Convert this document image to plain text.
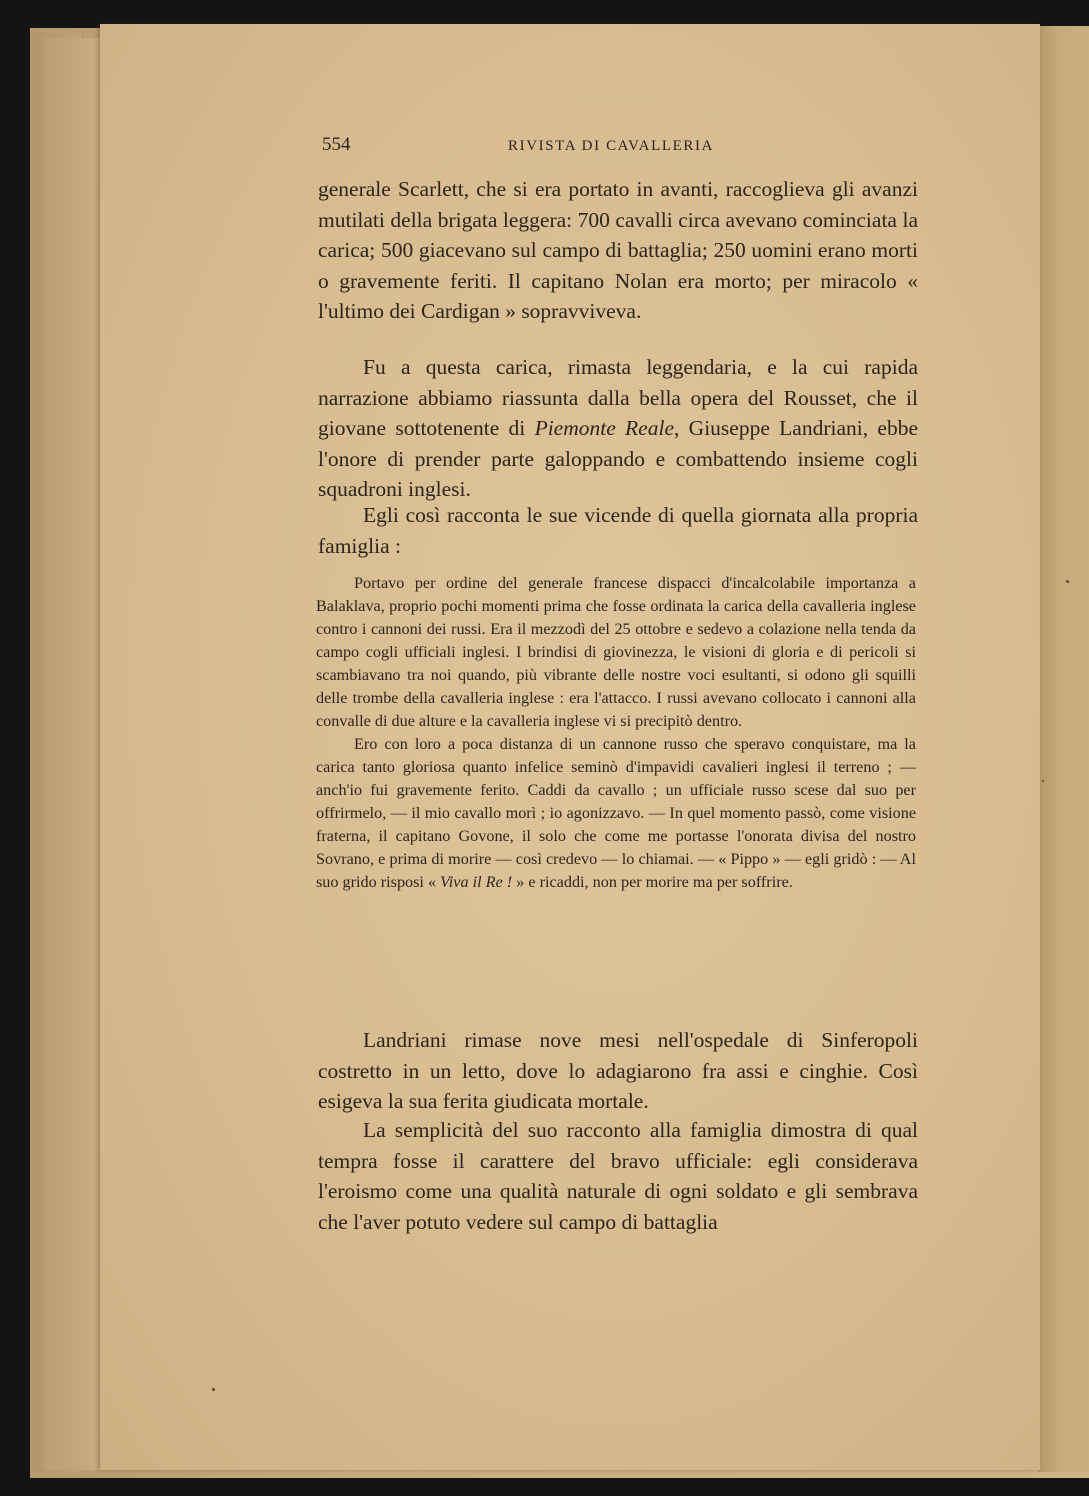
554	RIVISTA DI CAVALLERIA

generale Scarlett, che si era portato in avanti, raccoglieva gli avanzi mutilati della brigata leggera: 700 cavalli circa avevano cominciata la carica; 500 giacevano sul campo di battaglia; 250 uomini erano morti o gravemente feriti. Il capitano Nolan era morto; per miracolo « l'ultimo dei Cardigan » sopravviveva.

Fu a questa carica, rimasta leggendaria, e la cui rapida narrazione abbiamo riassunta dalla bella opera del Rousset, che il giovane sottotenente di Piemonte Reale, Giuseppe Landriani, ebbe l'onore di prender parte galoppando e combattendo insieme cogli squadroni inglesi.

Egli così racconta le sue vicende di quella giornata alla propria famiglia :

Portavo per ordine del generale francese dispacci d'incalcolabile importanza a Balaklava, proprio pochi momenti prima che fosse ordinata la carica della cavalleria inglese contro i cannoni dei russi. Era il mezzodì del 25 ottobre e sedevo a colazione nella tenda da campo cogli ufficiali inglesi. I brindisi di giovinezza, le visioni di gloria e di pericoli si scambiavano tra noi quando, più vibrante delle nostre voci esultanti, si odono gli squilli delle trombe della cavalleria inglese : era l'attacco. I russi avevano collocato i cannoni alla convalle di due alture e la cavalleria inglese vi si precipitò dentro.

Ero con loro a poca distanza di un cannone russo che speravo conquistare, ma la carica tanto gloriosa quanto infelice seminò d'impavidi cavalieri inglesi il terreno ; — anch'io fui gravemente ferito. Caddi da cavallo ; un ufficiale russo scese dal suo per offrirmelo, — il mio cavallo morì ; io agonizzavo. — In quel momento passò, come visione fraterna, il capitano Govone, il solo che come me portasse l'onorata divisa del nostro Sovrano, e prima di morire — così credevo — lo chiamai. — « Pippo » — egli gridò : — Al suo grido risposi « Viva il Re ! » e ricaddi, non per morire ma per soffrire.

Landriani rimase nove mesi nell'ospedale di Sinferopoli costretto in un letto, dove lo adagiarono fra assi e cinghie. Così esigeva la sua ferita giudicata mortale.

La semplicità del suo racconto alla famiglia dimostra di qual tempra fosse il carattere del bravo ufficiale: egli considerava l'eroismo come una qualità naturale di ogni soldato e gli sembrava che l'aver potuto vedere sul campo di battaglia
